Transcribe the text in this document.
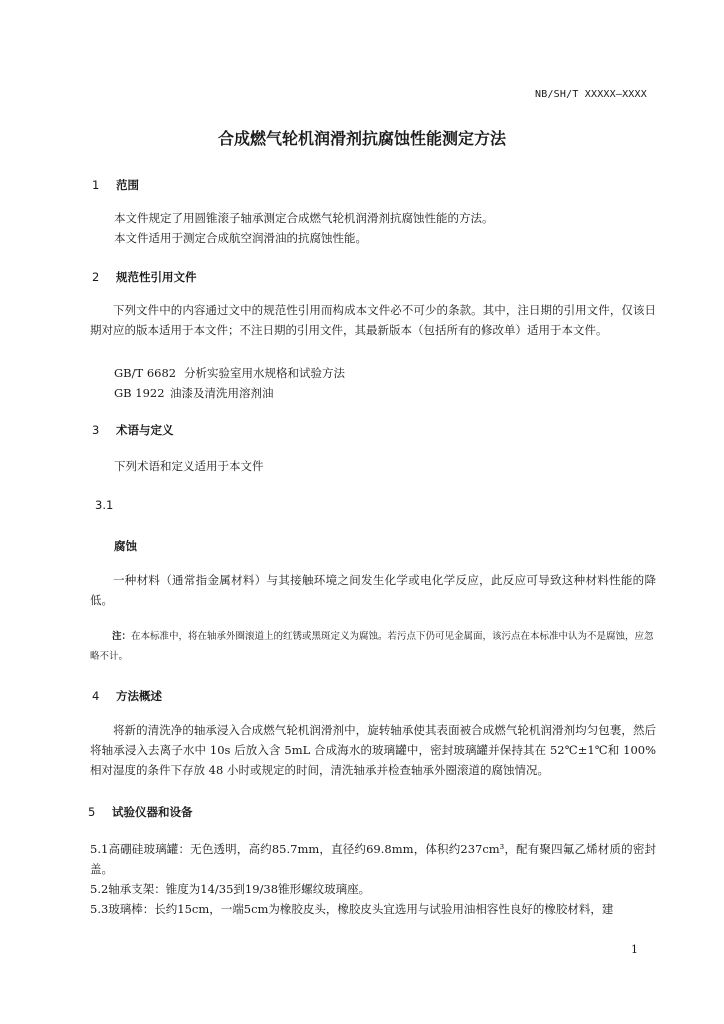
NB/SH/T XXXXX—XXXX
合成燃气轮机润滑剂抗腐蚀性能测定方法
1 范围
本文件规定了用圆锥滚子轴承测定合成燃气轮机润滑剂抗腐蚀性能的方法。
本文件适用于测定合成航空润滑油的抗腐蚀性能。
2 规范性引用文件
下列文件中的内容通过文中的规范性引用而构成本文件必不可少的条款。其中，注日期的引用文件，仅该日期对应的版本适用于本文件；不注日期的引用文件，其最新版本（包括所有的修改单）适用于本文件。
GB/T 6682 分析实验室用水规格和试验方法
GB 1922 油漆及清洗用溶剂油
3 术语与定义
下列术语和定义适用于本文件
3.1
腐蚀
一种材料（通常指金属材料）与其接触环境之间发生化学或电化学反应，此反应可导致这种材料性能的降低。
注：在本标准中，将在轴承外圈滚道上的红锈或黑斑定义为腐蚀。若污点下仍可见金属面，该污点在本标准中认为不是腐蚀，应忽略不计。
4 方法概述
将新的清洗净的轴承浸入合成燃气轮机润滑剂中，旋转轴承使其表面被合成燃气轮机润滑剂均匀包裹，然后将轴承浸入去离子水中 10s 后放入含 5mL 合成海水的玻璃罐中，密封玻璃罐并保持其在 52℃±1℃和 100%相对湿度的条件下存放 48 小时或规定的时间，清洗轴承并检查轴承外圈滚道的腐蚀情况。
5 试验仪器和设备
5.1高硼硅玻璃罐：无色透明，高约85.7mm，直径约69.8mm，体积约237cm³，配有聚四氟乙烯材质的密封盖。
5.2轴承支架：锥度为14/35到19/38锥形螺纹玻璃座。
5.3玻璃棒：长约15cm，一端5cm为橡胶皮头，橡胶皮头宜选用与试验用油相容性良好的橡胶材料，建
1
